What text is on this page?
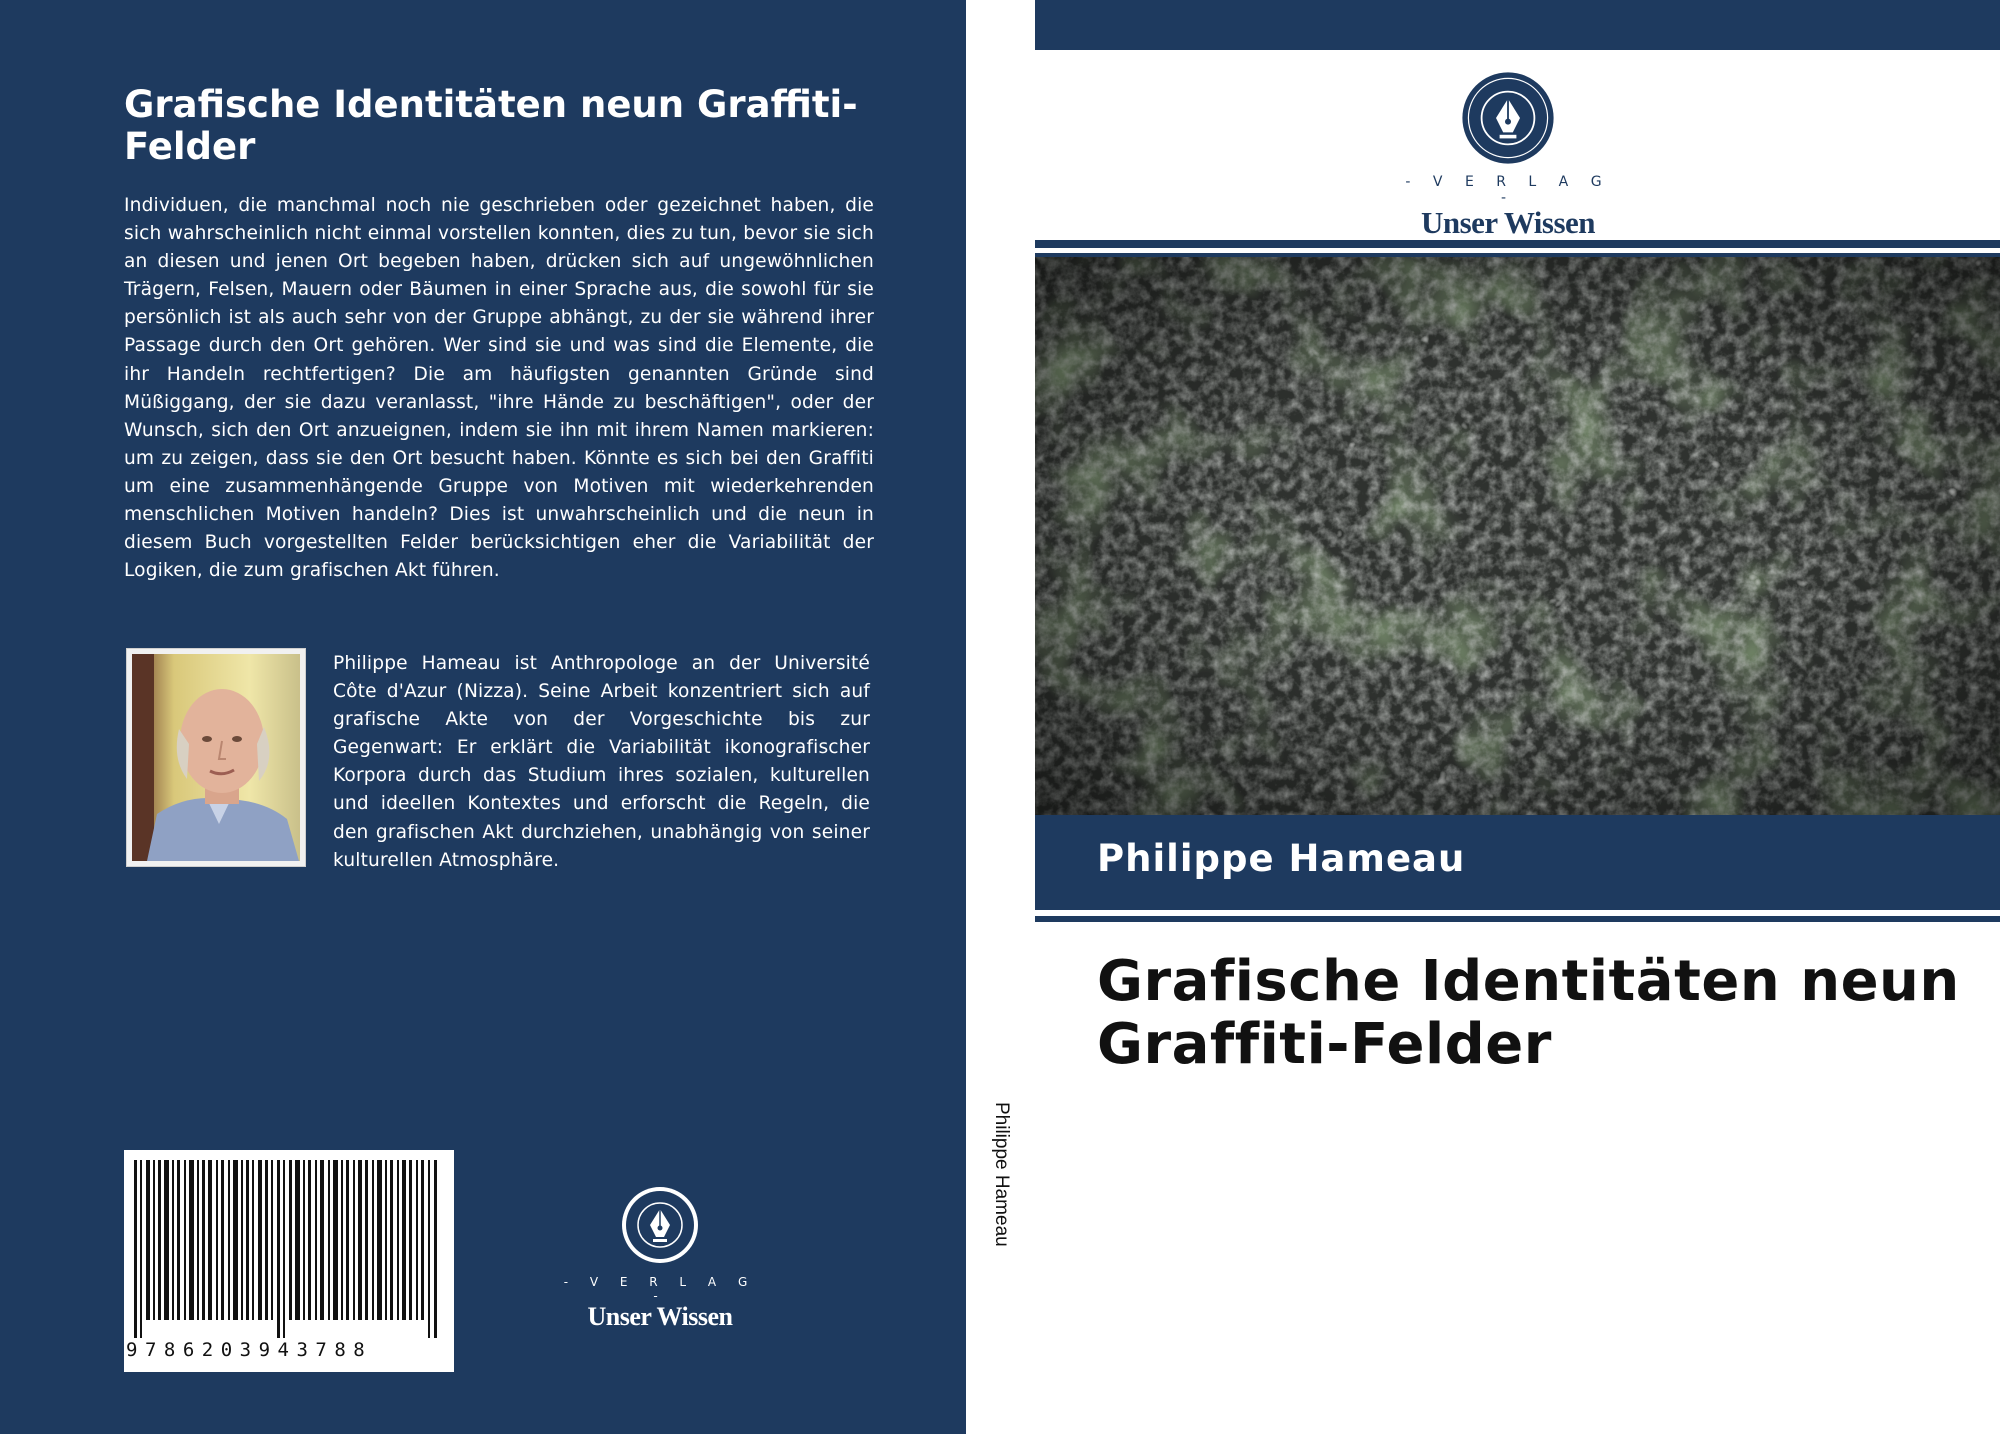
Grafische Identitäten neun Graffiti-Felder
Individuen, die manchmal noch nie geschrieben oder gezeichnet haben, die sich wahrscheinlich nicht einmal vorstellen konnten, dies zu tun, bevor sie sich an diesen und jenen Ort begeben haben, drücken sich auf ungewöhnlichen Trägern, Felsen, Mauern oder Bäumen in einer Sprache aus, die sowohl für sie persönlich ist als auch sehr von der Gruppe abhängt, zu der sie während ihrer Passage durch den Ort gehören. Wer sind sie und was sind die Elemente, die ihr Handeln rechtfertigen? Die am häufigsten genannten Gründe sind Müßiggang, der sie dazu veranlasst, "ihre Hände zu beschäftigen", oder der Wunsch, sich den Ort anzueignen, indem sie ihn mit ihrem Namen markieren: um zu zeigen, dass sie den Ort besucht haben. Könnte es sich bei den Graffiti um eine zusammenhängende Gruppe von Motiven mit wiederkehrenden menschlichen Motiven handeln? Dies ist unwahrscheinlich und die neun in diesem Buch vorgestellten Felder berücksichtigen eher die Variabilität der Logiken, die zum grafischen Akt führen.
Philippe Hameau ist Anthropologe an der Université Côte d'Azur (Nizza). Seine Arbeit konzentriert sich auf grafische Akte von der Vorgeschichte bis zur Gegenwart: Er erklärt die Variabilität ikonografischer Korpora durch das Studium ihres sozialen, kulturellen und ideellen Kontextes und erforscht die Regeln, die den grafischen Akt durchziehen, unabhängig von seiner kulturellen Atmosphäre.
9786203943788
- V E R L A G -
Unser Wissen
Philippe Hameau
- V E R L A G -
Unser Wissen
Philippe Hameau
Grafische Identitäten neun Graffiti-Felder
